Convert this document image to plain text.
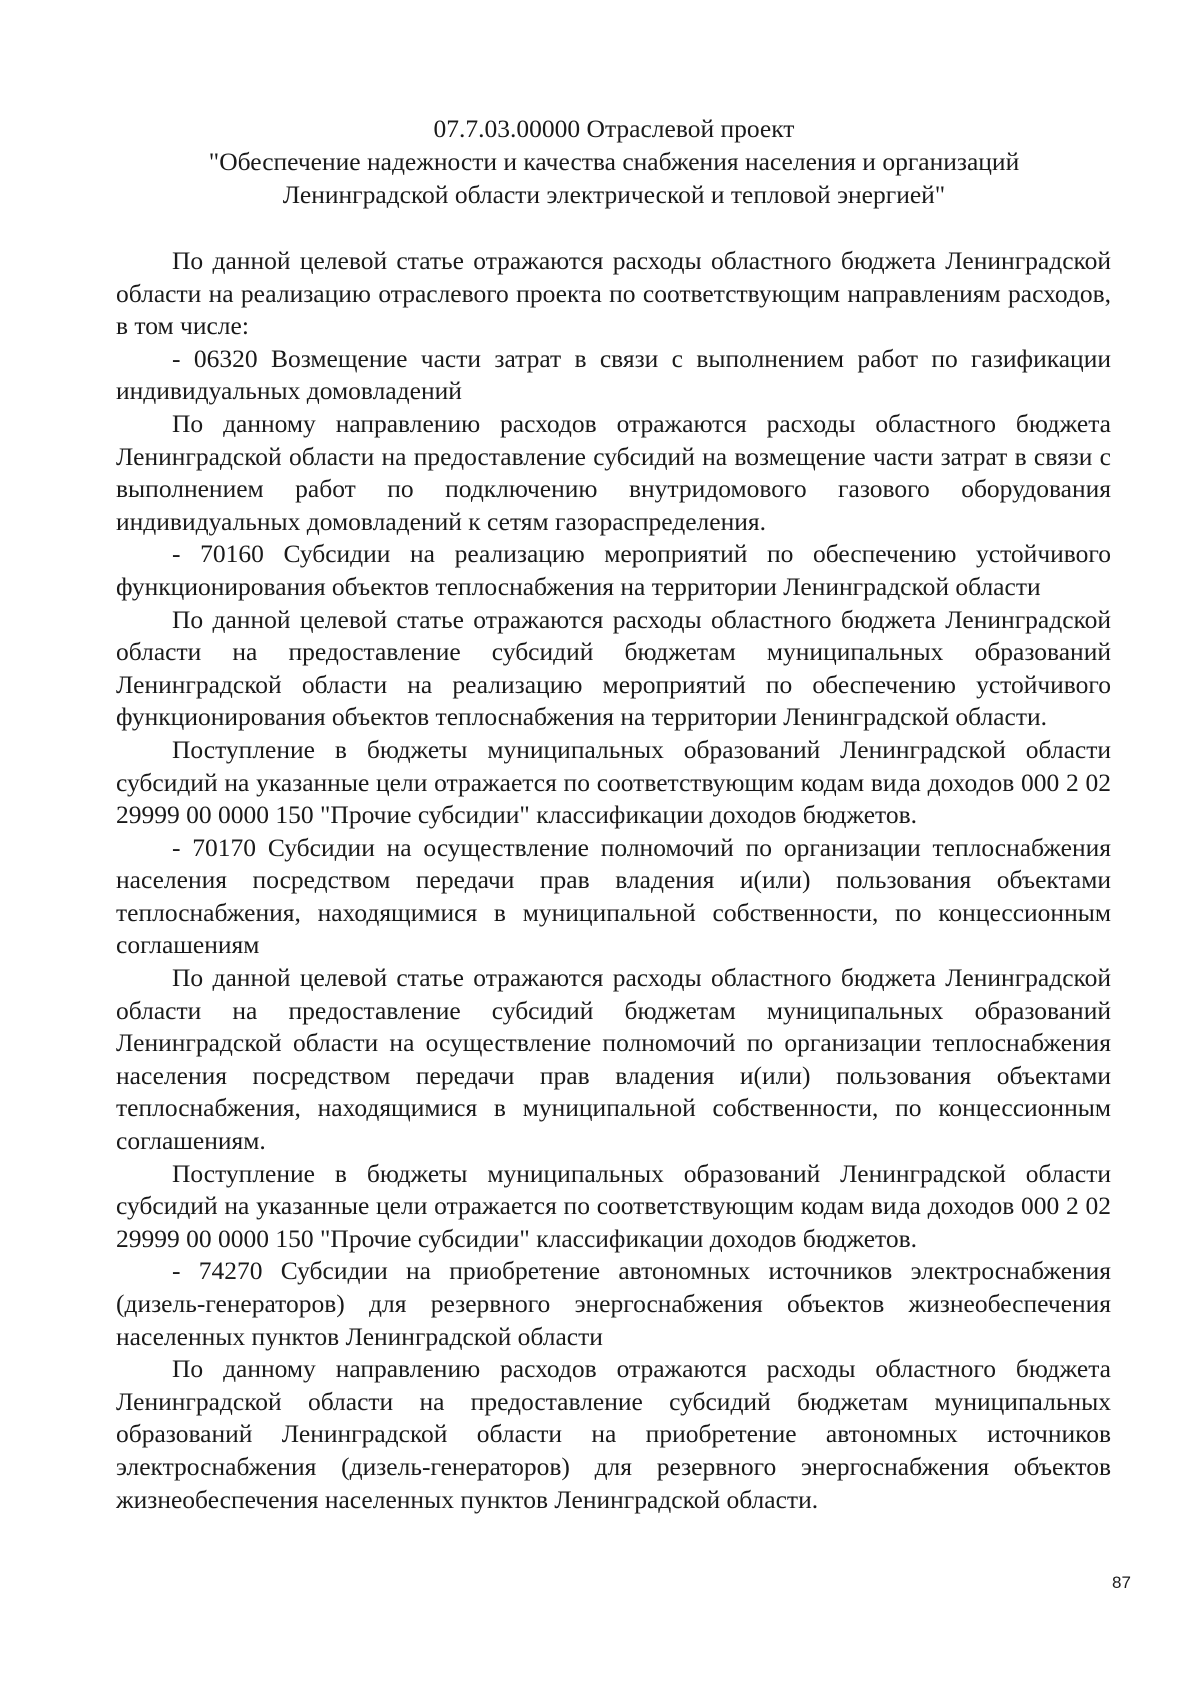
07.7.03.00000 Отраслевой проект
"Обеспечение надежности и качества снабжения населения и организаций
Ленинградской области электрической и тепловой энергией"

По данной целевой статье отражаются расходы областного бюджета Ленинградской области на реализацию отраслевого проекта по соответствующим направлениям расходов, в том числе:

- 06320 Возмещение части затрат в связи с выполнением работ по газификации индивидуальных домовладений

По данному направлению расходов отражаются расходы областного бюджета Ленинградской области на предоставление субсидий на возмещение части затрат в связи с выполнением работ по подключению внутридомового газового оборудования индивидуальных домовладений к сетям газораспределения.

- 70160 Субсидии на реализацию мероприятий по обеспечению устойчивого функционирования объектов теплоснабжения на территории Ленинградской области

По данной целевой статье отражаются расходы областного бюджета Ленинградской области на предоставление субсидий бюджетам муниципальных образований Ленинградской области на реализацию мероприятий по обеспечению устойчивого функционирования объектов теплоснабжения на территории Ленинградской области.

Поступление в бюджеты муниципальных образований Ленинградской области субсидий на указанные цели отражается по соответствующим кодам вида доходов 000 2 02 29999 00 0000 150 "Прочие субсидии" классификации доходов бюджетов.

- 70170 Субсидии на осуществление полномочий по организации теплоснабжения населения посредством передачи прав владения и(или) пользования объектами теплоснабжения, находящимися в муниципальной собственности, по концессионным соглашениям

По данной целевой статье отражаются расходы областного бюджета Ленинградской области на предоставление субсидий бюджетам муниципальных образований Ленинградской области на осуществление полномочий по организации теплоснабжения населения посредством передачи прав владения и(или) пользования объектами теплоснабжения, находящимися в муниципальной собственности, по концессионным соглашениям.

Поступление в бюджеты муниципальных образований Ленинградской области субсидий на указанные цели отражается по соответствующим кодам вида доходов 000 2 02 29999 00 0000 150 "Прочие субсидии" классификации доходов бюджетов.

- 74270 Субсидии на приобретение автономных источников электроснабжения (дизель-генераторов) для резервного энергоснабжения объектов жизнеобеспечения населенных пунктов Ленинградской области

По данному направлению расходов отражаются расходы областного бюджета Ленинградской области на предоставление субсидий бюджетам муниципальных образований Ленинградской области на приобретение автономных источников электроснабжения (дизель-генераторов) для резервного энергоснабжения объектов жизнеобеспечения населенных пунктов Ленинградской области.

87
